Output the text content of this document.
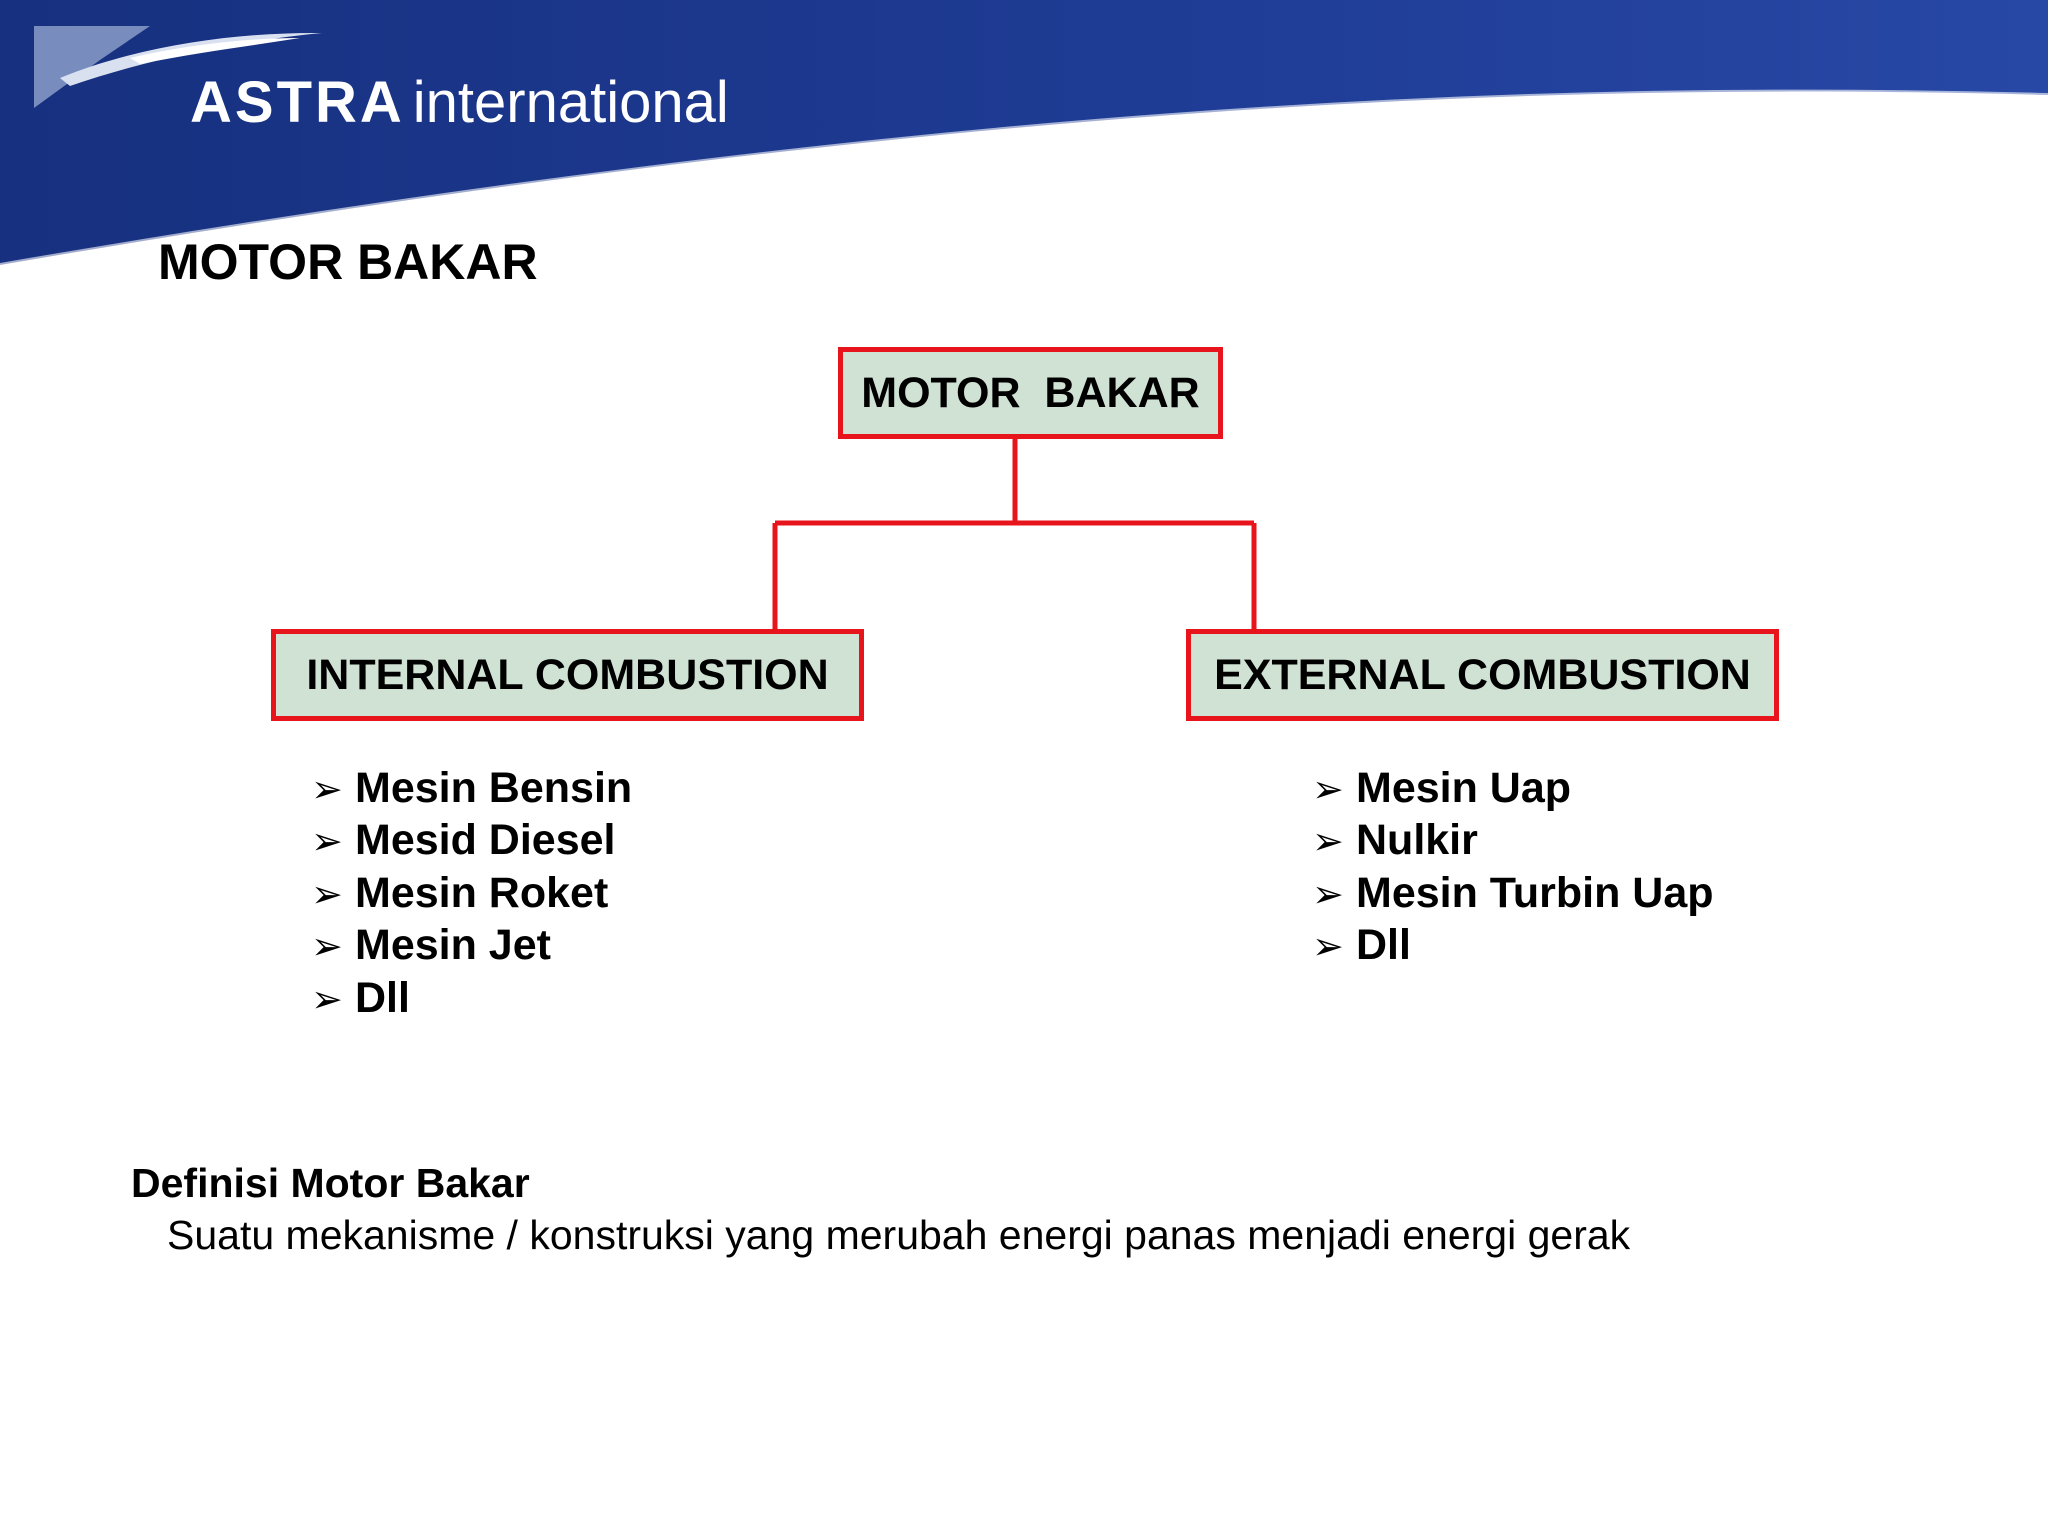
ASTRA international
MOTOR BAKAR
MOTOR  BAKAR
INTERNAL COMBUSTION	EXTERNAL COMBUSTION
➢ Mesin Bensin
➢ Mesid Diesel
➢ Mesin Roket
➢ Mesin Jet
➢ Dll
➢ Mesin Uap
➢ Nulkir
➢ Mesin Turbin Uap
➢ Dll
Definisi Motor Bakar
Suatu mekanisme / konstruksi yang merubah energi panas menjadi energi gerak
